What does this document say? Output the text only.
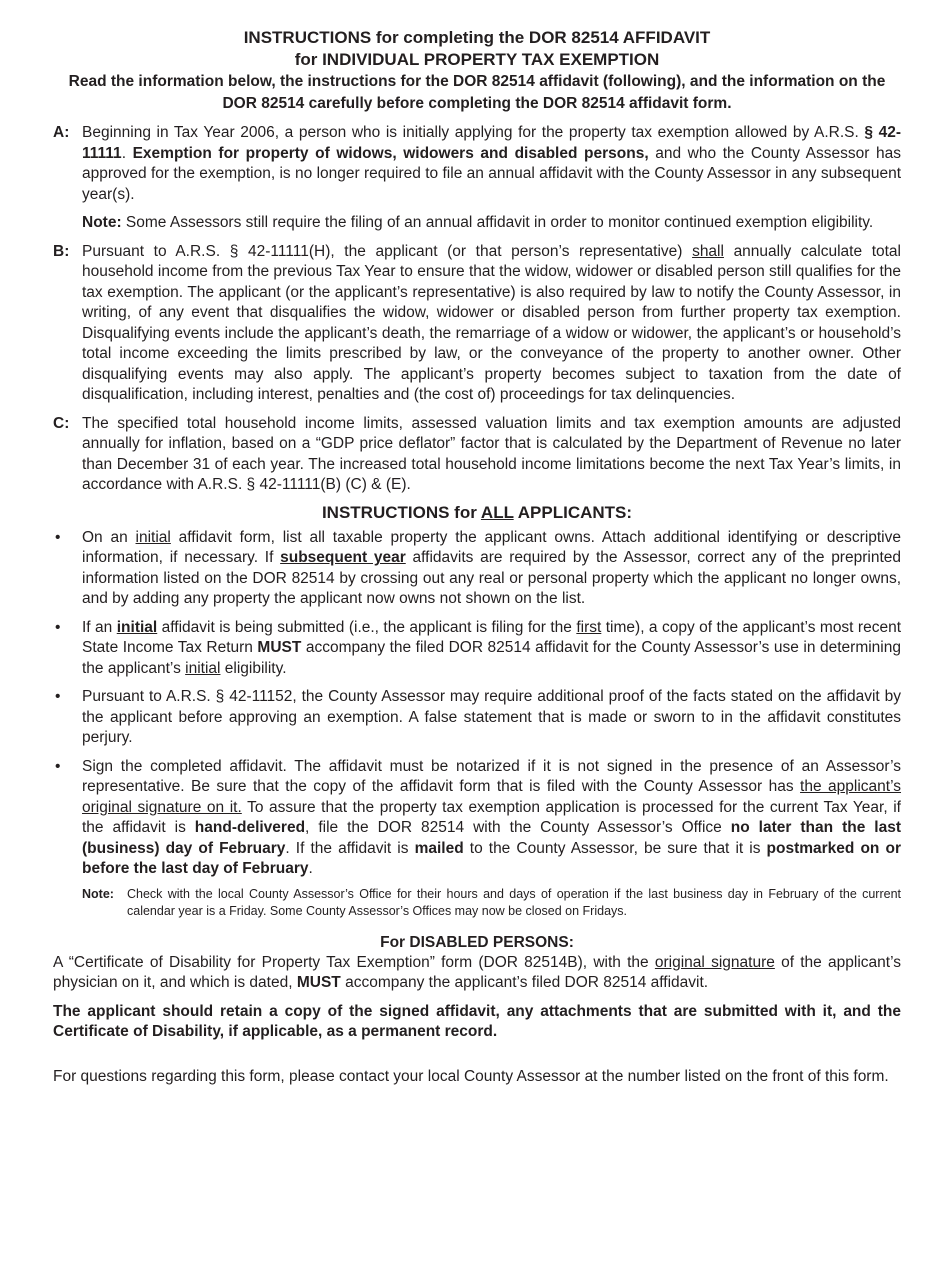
INSTRUCTIONS for completing the DOR 82514 AFFIDAVIT
for INDIVIDUAL PROPERTY TAX EXEMPTION
Read the information below, the instructions for the DOR 82514 affidavit (following), and the information on the DOR 82514 carefully before completing the DOR 82514 affidavit form.
A: Beginning in Tax Year 2006, a person who is initially applying for the property tax exemption allowed by A.R.S. § 42-11111. Exemption for property of widows, widowers and disabled persons, and who the County Assessor has approved for the exemption, is no longer required to file an annual affidavit with the County Assessor in any subsequent year(s).
Note: Some Assessors still require the filing of an annual affidavit in order to monitor continued exemption eligibility.
B: Pursuant to A.R.S. § 42-11111(H), the applicant (or that person’s representative) shall annually calculate total household income from the previous Tax Year to ensure that the widow, widower or disabled person still qualifies for the tax exemption. The applicant (or the applicant’s representative) is also required by law to notify the County Assessor, in writing, of any event that disqualifies the widow, widower or disabled person from further property tax exemption. Disqualifying events include the applicant’s death, the remarriage of a widow or widower, the applicant’s or household’s total income exceeding the limits prescribed by law, or the conveyance of the property to another owner. Other disqualifying events may also apply. The applicant’s property becomes subject to taxation from the date of disqualification, including interest, penalties and (the cost of) proceedings for tax delinquencies.
C: The specified total household income limits, assessed valuation limits and tax exemption amounts are adjusted annually for inflation, based on a “GDP price deflator” factor that is calculated by the Department of Revenue no later than December 31 of each year. The increased total household income limitations become the next Tax Year’s limits, in accordance with A.R.S. § 42-11111(B) (C) & (E).
INSTRUCTIONS for ALL APPLICANTS:
•	On an initial affidavit form, list all taxable property the applicant owns. Attach additional identifying or descriptive information, if necessary. If subsequent year affidavits are required by the Assessor, correct any of the preprinted information listed on the DOR 82514 by crossing out any real or personal property which the applicant no longer owns, and by adding any property the applicant now owns not shown on the list.
•	If an initial affidavit is being submitted (i.e., the applicant is filing for the first time), a copy of the applicant’s most recent State Income Tax Return MUST accompany the filed DOR 82514 affidavit for the County Assessor’s use in determining the applicant’s initial eligibility.
•	Pursuant to A.R.S. § 42-11152, the County Assessor may require additional proof of the facts stated on the affidavit by the applicant before approving an exemption. A false statement that is made or sworn to in the affidavit constitutes perjury.
•	Sign the completed affidavit. The affidavit must be notarized if it is not signed in the presence of an Assessor’s representative. Be sure that the copy of the affidavit form that is filed with the County Assessor has the applicant’s original signature on it. To assure that the property tax exemption application is processed for the current Tax Year, if the affidavit is hand-delivered, file the DOR 82514 with the County Assessor’s Office no later than the last (business) day of February. If the affidavit is mailed to the County Assessor, be sure that it is postmarked on or before the last day of February.
Note:	Check with the local County Assessor’s Office for their hours and days of operation if the last business day in February of the current calendar year is a Friday. Some County Assessor’s Offices may now be closed on Fridays.
For DISABLED PERSONS:
A “Certificate of Disability for Property Tax Exemption” form (DOR 82514B), with the original signature of the applicant’s physician on it, and which is dated, MUST accompany the applicant’s filed DOR 82514 affidavit.
The applicant should retain a copy of the signed affidavit, any attachments that are submitted with it, and the Certificate of Disability, if applicable, as a permanent record.
For questions regarding this form, please contact your local County Assessor at the number listed on the front of this form.
